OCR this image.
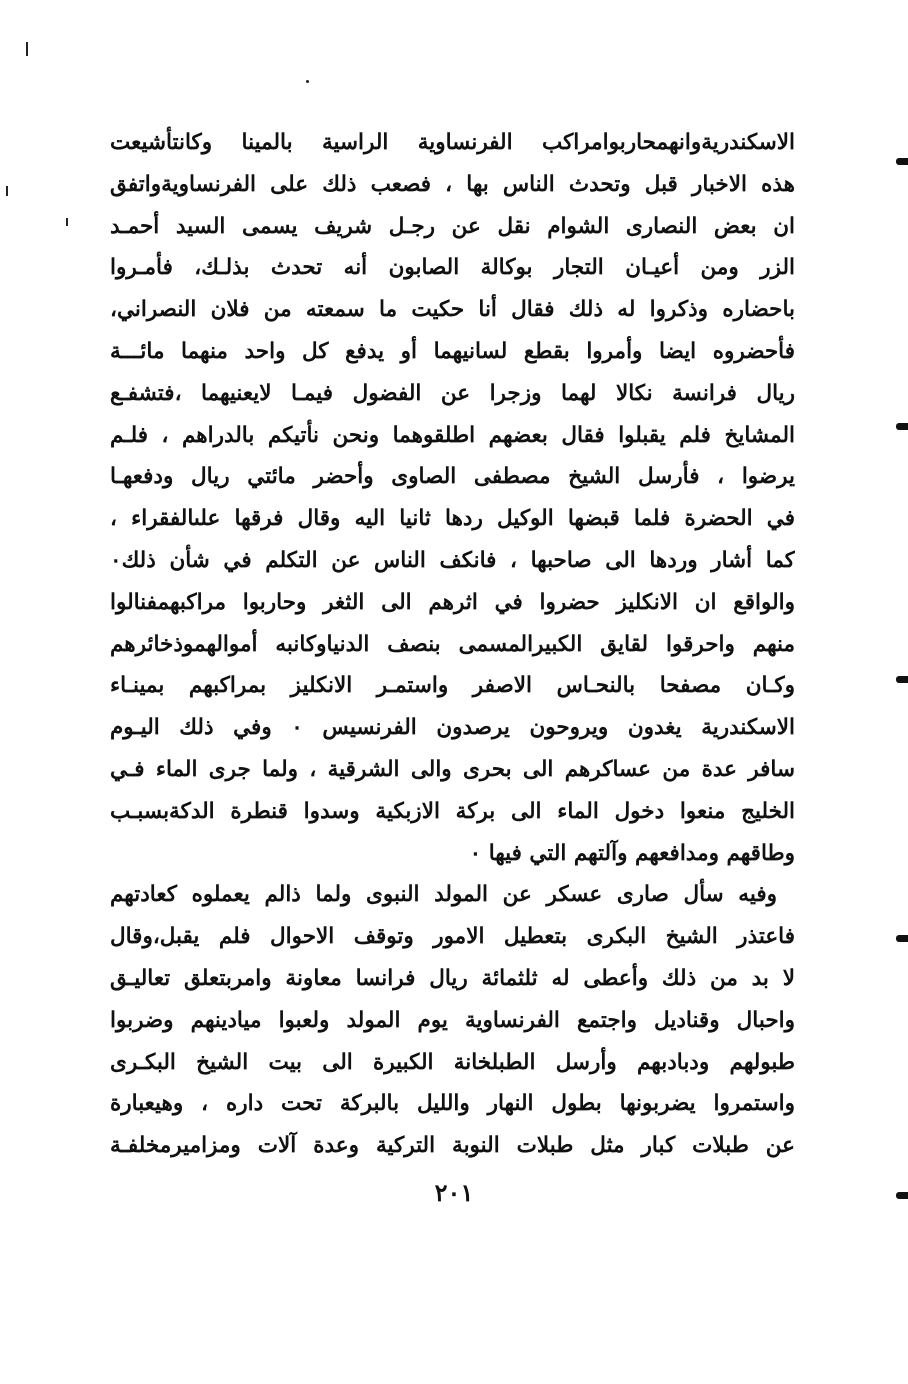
الاسكندريةوانهمحاربوامراكب الفرنساوية الراسية بالمينا وكانتأشيعت
هذه الاخبار قبل وتحدث الناس بها ، فصعب ذلك على الفرنساويةواتفق
ان بعض النصارى الشوام نقل عن رجـل شريف يسمى السيد أحمـد
الزر ومن أعيـان التجار بوكالة الصابون أنه تحدث بذلـك، فأمـروا
باحضاره وذكروا له ذلك فقال أنا حكيت ما سمعته من فلان النصراني،
فأحضروه ايضا وأمروا بقطع لسانيهما أو يدفع كل واحد منهما مائـــة
ريال فرانسة نكالا لهما وزجرا عن الفضول فيمـا لايعنيهما ،فتشفـع
المشايخ فلم يقبلوا فقال بعضهم اطلقوهما ونحن نأتيكم بالدراهم ، فلـم
يرضوا ، فأرسل الشيخ مصطفى الصاوى وأحضر مائتي ريال ودفعهـا
في الحضرة فلما قبضها الوكيل ردها ثانيا اليه وقال فرقها علىالفقراء ،
كما أشار وردها الى صاحبها ، فانكف الناس عن التكلم في شأن ذلك٠
والواقع ان الانكليز حضروا في اثرهم الى الثغر وحاربوا مراكبهمفنالوا
منهم واحرقوا لقايق الكبيرالمسمى بنصف الدنياوكانبه أموالهموذخائرهم
وكـان مصفحا بالنحـاس الاصفر واستمـر الانكليز بمراكبهم بمينـاء
الاسكندرية يغدون ويروحون يرصدون الفرنسيس ٠ وفي ذلك اليـوم
سافر عدة من عساكرهم الى بحرى والى الشرقية ، ولما جرى الماء فـي
الخليج منعوا دخول الماء الى بركة الازبكية وسدوا قنطرة الدكةبسبـب
وطاقهم ومدافعهم وآلتهم التي فيها ٠
وفيه سأل صارى عسكر عن المولد النبوى ولما ذالم يعملوه كعادتهم
فاعتذر الشيخ البكرى بتعطيل الامور وتوقف الاحوال فلم يقبل،وقال
لا بد من ذلك وأعطى له ثلثمائة ريال فرانسا معاونة وامربتعلق تعاليـق
واحبال وقناديل واجتمع الفرنساوية يوم المولد ولعبوا ميادينهم وضربوا
طبولهم ودبادبهم وأرسل الطبلخانة الكبيرة الى بيت الشيخ البكـرى
واستمروا يضربونها بطول النهار والليل بالبركة تحت داره ، وهيعبارة
عن طبلات كبار مثل طبلات النوبة التركية وعدة آلات ومزاميرمخلفـة
٢٠١
